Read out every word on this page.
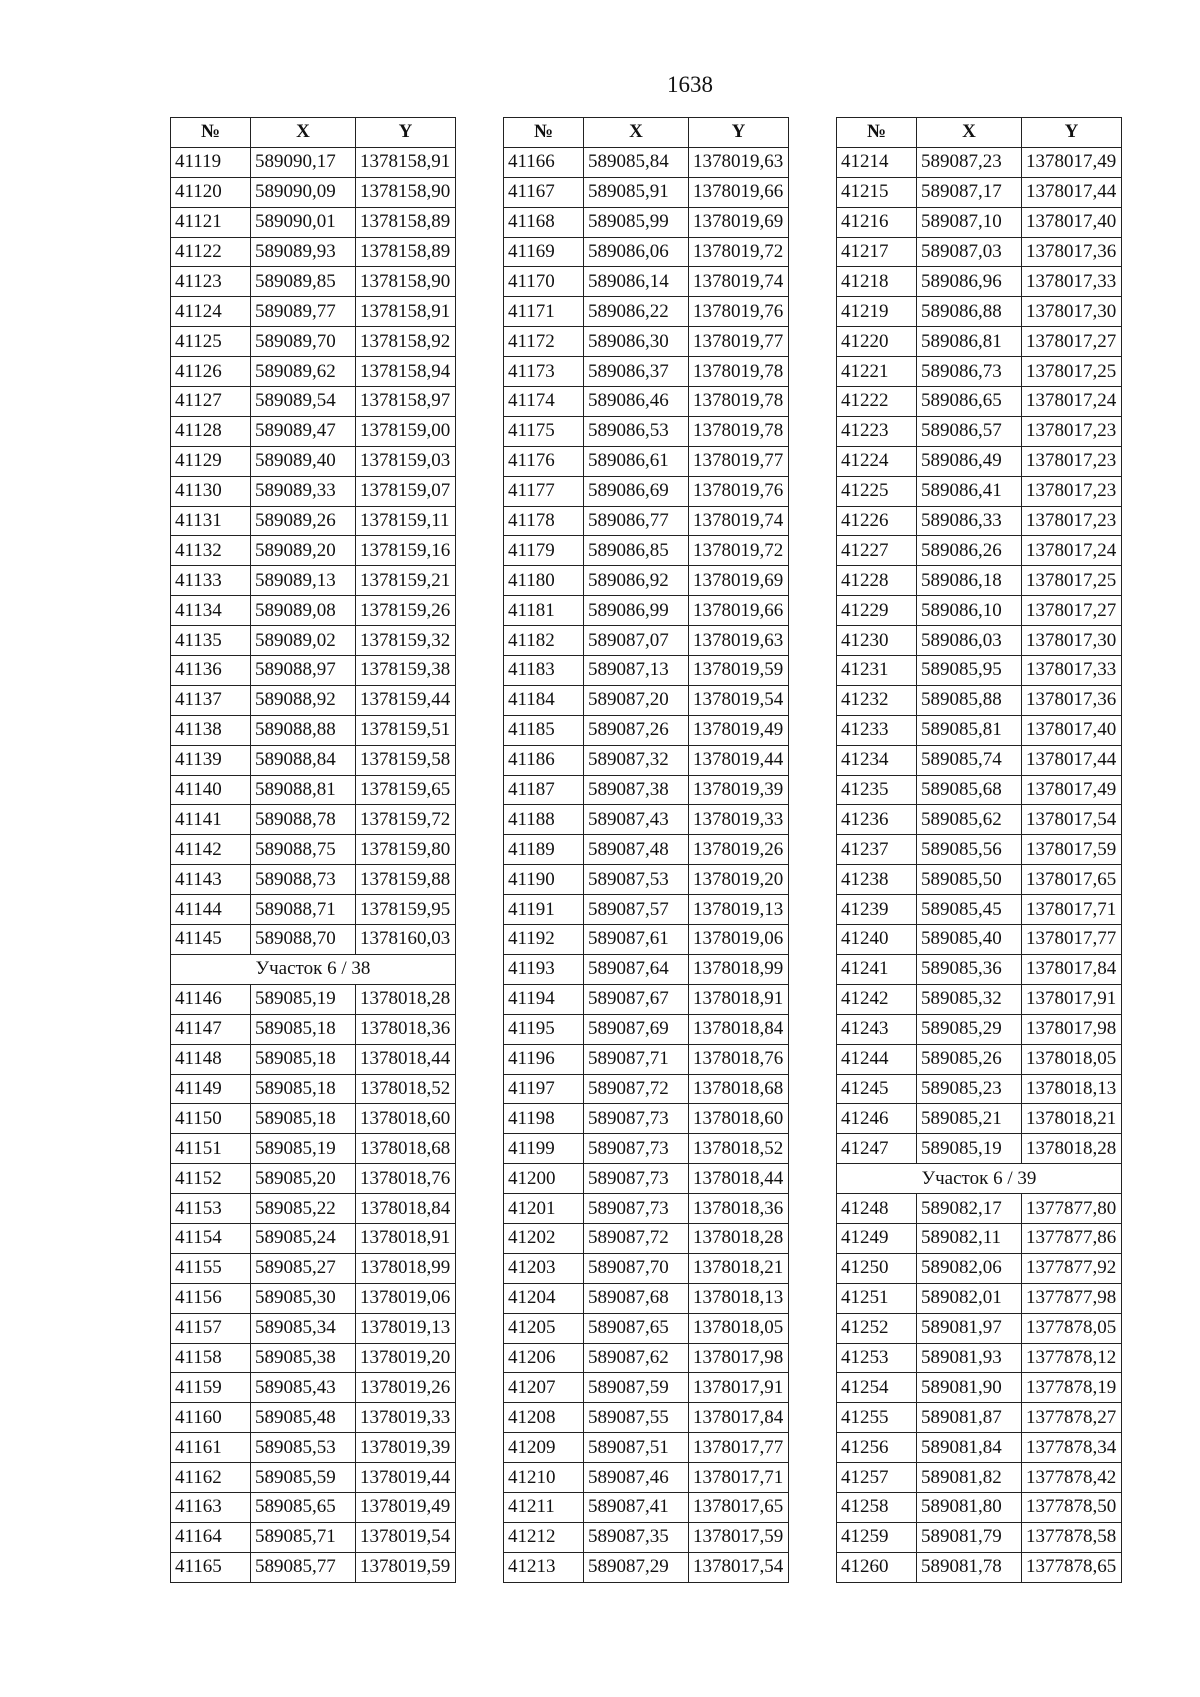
1638
№	X	Y
41119	589090,17	1378158,91
41120	589090,09	1378158,90
41121	589090,01	1378158,89
41122	589089,93	1378158,89
41123	589089,85	1378158,90
41124	589089,77	1378158,91
41125	589089,70	1378158,92
41126	589089,62	1378158,94
41127	589089,54	1378158,97
41128	589089,47	1378159,00
41129	589089,40	1378159,03
41130	589089,33	1378159,07
41131	589089,26	1378159,11
41132	589089,20	1378159,16
41133	589089,13	1378159,21
41134	589089,08	1378159,26
41135	589089,02	1378159,32
41136	589088,97	1378159,38
41137	589088,92	1378159,44
41138	589088,88	1378159,51
41139	589088,84	1378159,58
41140	589088,81	1378159,65
41141	589088,78	1378159,72
41142	589088,75	1378159,80
41143	589088,73	1378159,88
41144	589088,71	1378159,95
41145	589088,70	1378160,03
Участок 6 / 38		
41146	589085,19	1378018,28
41147	589085,18	1378018,36
41148	589085,18	1378018,44
41149	589085,18	1378018,52
41150	589085,18	1378018,60
41151	589085,19	1378018,68
41152	589085,20	1378018,76
41153	589085,22	1378018,84
41154	589085,24	1378018,91
41155	589085,27	1378018,99
41156	589085,30	1378019,06
41157	589085,34	1378019,13
41158	589085,38	1378019,20
41159	589085,43	1378019,26
41160	589085,48	1378019,33
41161	589085,53	1378019,39
41162	589085,59	1378019,44
41163	589085,65	1378019,49
41164	589085,71	1378019,54
41165	589085,77	1378019,59
№	X	Y
41166	589085,84	1378019,63
41167	589085,91	1378019,66
41168	589085,99	1378019,69
41169	589086,06	1378019,72
41170	589086,14	1378019,74
41171	589086,22	1378019,76
41172	589086,30	1378019,77
41173	589086,37	1378019,78
41174	589086,46	1378019,78
41175	589086,53	1378019,78
41176	589086,61	1378019,77
41177	589086,69	1378019,76
41178	589086,77	1378019,74
41179	589086,85	1378019,72
41180	589086,92	1378019,69
41181	589086,99	1378019,66
41182	589087,07	1378019,63
41183	589087,13	1378019,59
41184	589087,20	1378019,54
41185	589087,26	1378019,49
41186	589087,32	1378019,44
41187	589087,38	1378019,39
41188	589087,43	1378019,33
41189	589087,48	1378019,26
41190	589087,53	1378019,20
41191	589087,57	1378019,13
41192	589087,61	1378019,06
41193	589087,64	1378018,99
41194	589087,67	1378018,91
41195	589087,69	1378018,84
41196	589087,71	1378018,76
41197	589087,72	1378018,68
41198	589087,73	1378018,60
41199	589087,73	1378018,52
41200	589087,73	1378018,44
41201	589087,73	1378018,36
41202	589087,72	1378018,28
41203	589087,70	1378018,21
41204	589087,68	1378018,13
41205	589087,65	1378018,05
41206	589087,62	1378017,98
41207	589087,59	1378017,91
41208	589087,55	1378017,84
41209	589087,51	1378017,77
41210	589087,46	1378017,71
41211	589087,41	1378017,65
41212	589087,35	1378017,59
41213	589087,29	1378017,54
№	X	Y
41214	589087,23	1378017,49
41215	589087,17	1378017,44
41216	589087,10	1378017,40
41217	589087,03	1378017,36
41218	589086,96	1378017,33
41219	589086,88	1378017,30
41220	589086,81	1378017,27
41221	589086,73	1378017,25
41222	589086,65	1378017,24
41223	589086,57	1378017,23
41224	589086,49	1378017,23
41225	589086,41	1378017,23
41226	589086,33	1378017,23
41227	589086,26	1378017,24
41228	589086,18	1378017,25
41229	589086,10	1378017,27
41230	589086,03	1378017,30
41231	589085,95	1378017,33
41232	589085,88	1378017,36
41233	589085,81	1378017,40
41234	589085,74	1378017,44
41235	589085,68	1378017,49
41236	589085,62	1378017,54
41237	589085,56	1378017,59
41238	589085,50	1378017,65
41239	589085,45	1378017,71
41240	589085,40	1378017,77
41241	589085,36	1378017,84
41242	589085,32	1378017,91
41243	589085,29	1378017,98
41244	589085,26	1378018,05
41245	589085,23	1378018,13
41246	589085,21	1378018,21
41247	589085,19	1378018,28
Участок 6 / 39		
41248	589082,17	1377877,80
41249	589082,11	1377877,86
41250	589082,06	1377877,92
41251	589082,01	1377877,98
41252	589081,97	1377878,05
41253	589081,93	1377878,12
41254	589081,90	1377878,19
41255	589081,87	1377878,27
41256	589081,84	1377878,34
41257	589081,82	1377878,42
41258	589081,80	1377878,50
41259	589081,79	1377878,58
41260	589081,78	1377878,65
